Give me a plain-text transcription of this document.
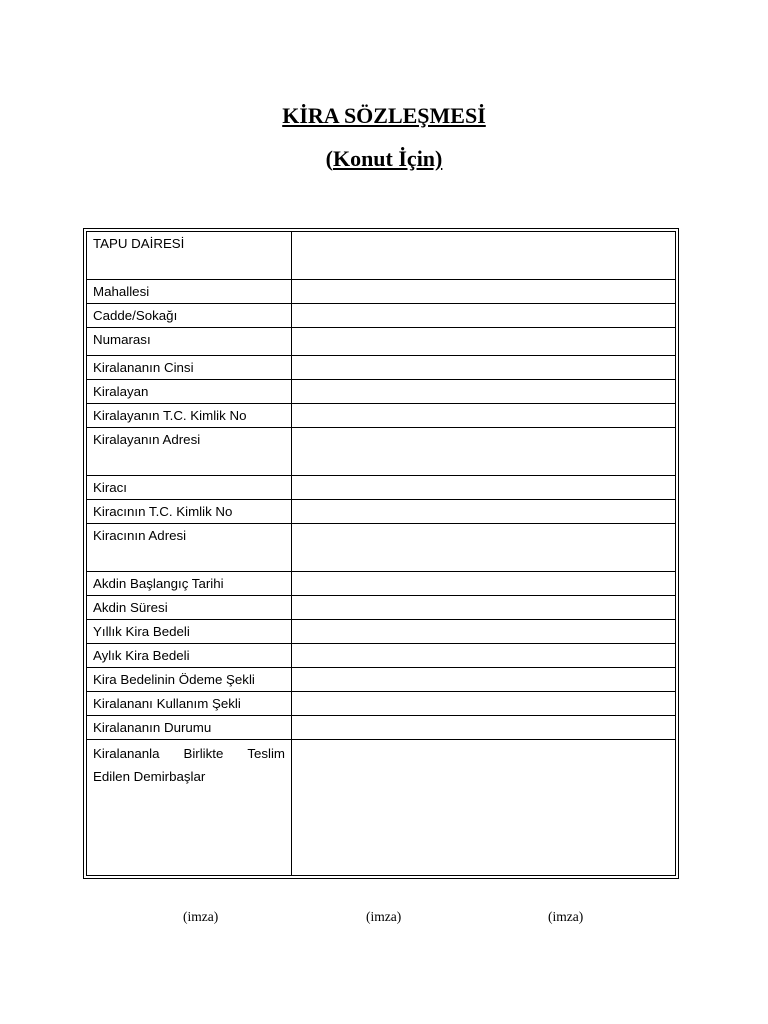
KİRA SÖZLEŞMESİ
(Konut İçin)
TAPU DAİRESİ	
Mahallesi	
Cadde/Sokağı	
Numarası	
Kiralananın Cinsi	
Kiralayan	
Kiralayanın T.C. Kimlik No	
Kiralayanın Adresi	
Kiracı	
Kiracının T.C. Kimlik No	
Kiracının Adresi	
Akdin Başlangıç Tarihi	
Akdin Süresi	
Yıllık Kira Bedeli	
Aylık Kira Bedeli	
Kira Bedelinin Ödeme Şekli	
Kiralananı Kullanım Şekli	
Kiralananın Durumu	

Kiralananla Birlikte Teslim
Edilen Demirbaşlar	

(imza)	(imza)	(imza)
